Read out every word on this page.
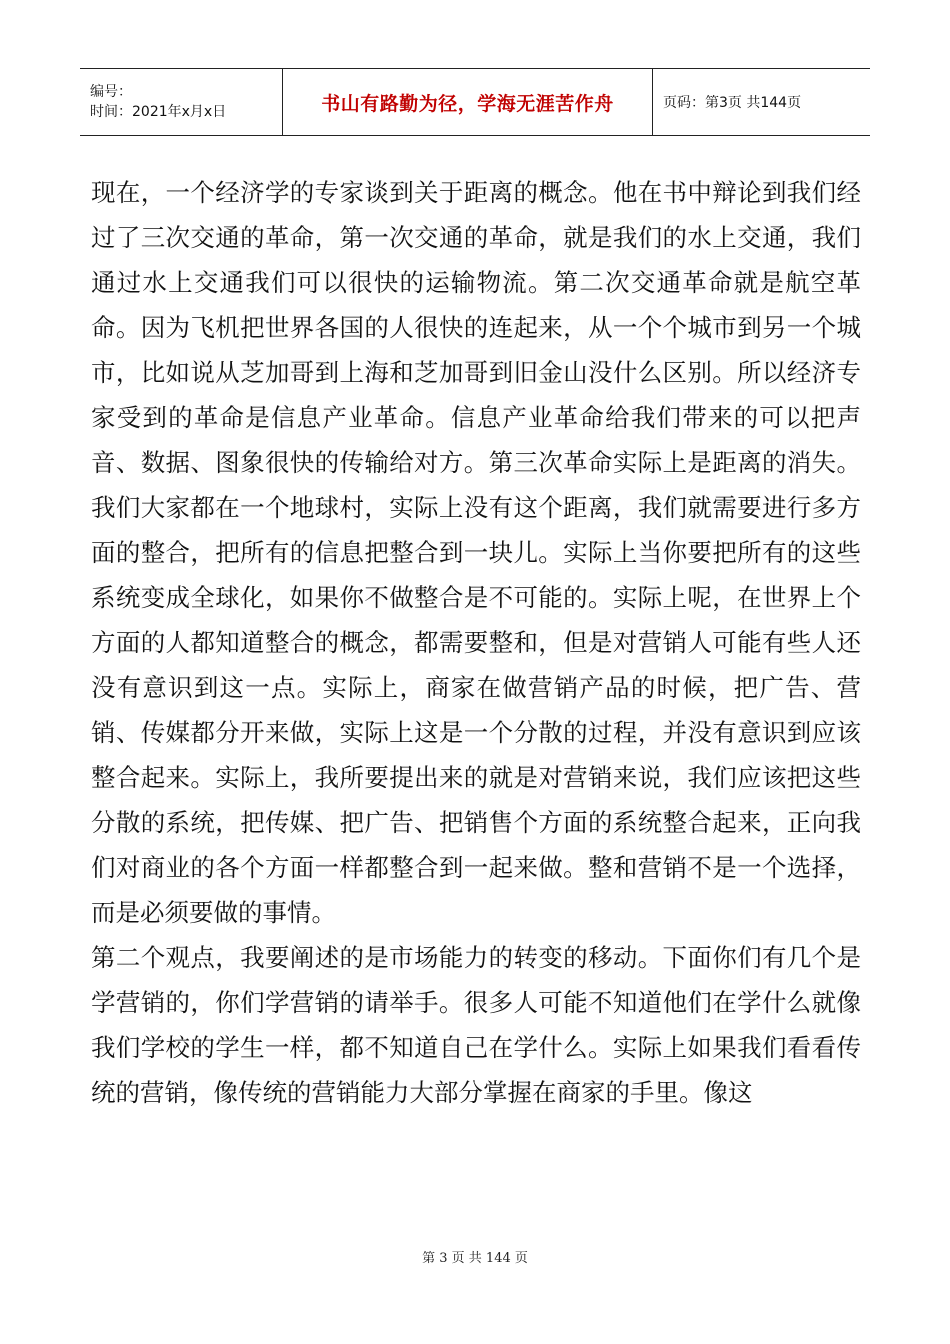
编号：
时间：2021年x月x日	书山有路勤为径，学海无涯苦作舟	页码：第3页 共144页

现在，一个经济学的专家谈到关于距离的概念。他在书中辩论到我们经过了三次交通的革命，第一次交通的革命，就是我们的水上交通，我们通过水上交通我们可以很快的运输物流。第二次交通革命就是航空革命。因为飞机把世界各国的人很快的连起来，从一个个城市到另一个城市，比如说从芝加哥到上海和芝加哥到旧金山没什么区别。所以经济专家受到的革命是信息产业革命。信息产业革命给我们带来的可以把声音、数据、图象很快的传输给对方。第三次革命实际上是距离的消失。我们大家都在一个地球村，实际上没有这个距离，我们就需要进行多方面的整合，把所有的信息把整合到一块儿。实际上当你要把所有的这些系统变成全球化，如果你不做整合是不可能的。实际上呢，在世界上个方面的人都知道整合的概念，都需要整和，但是对营销人可能有些人还没有意识到这一点。实际上，商家在做营销产品的时候，把广告、营销、传媒都分开来做，实际上这是一个分散的过程，并没有意识到应该整合起来。实际上，我所要提出来的就是对营销来说，我们应该把这些分散的系统，把传媒、把广告、把销售个方面的系统整合起来，正向我们对商业的各个方面一样都整合到一起来做。整和营销不是一个选择，而是必须要做的事情。

第二个观点，我要阐述的是市场能力的转变的移动。下面你们有几个是学营销的，你们学营销的请举手。很多人可能不知道他们在学什么就像我们学校的学生一样，都不知道自己在学什么。实际上如果我们看看传统的营销，像传统的营销能力大部分掌握在商家的手里。像这

第 3 页 共 144 页
